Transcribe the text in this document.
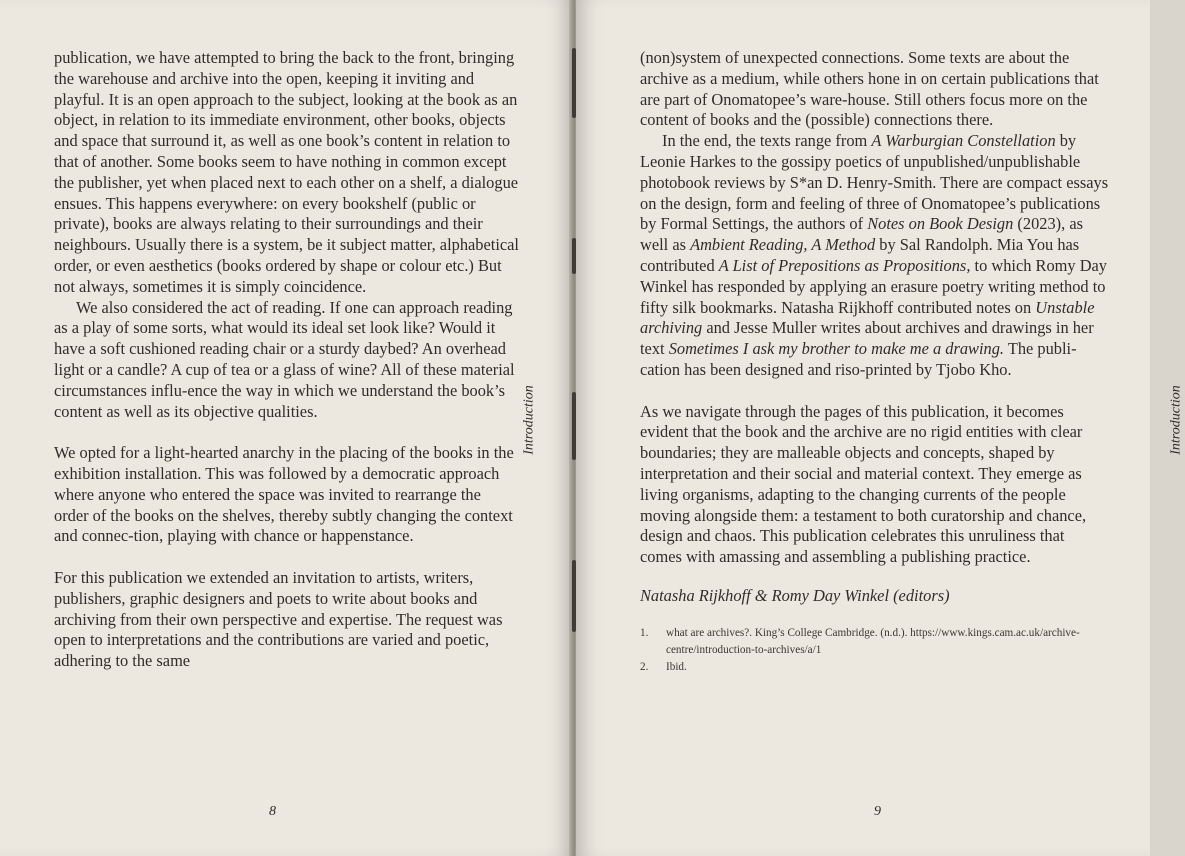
publication, we have attempted to bring the back to the front, bringing the warehouse and archive into the open, keeping it inviting and playful. It is an open approach to the subject, looking at the book as an object, in relation to its immediate environment, other books, objects and space that surround it, as well as one book’s content in relation to that of another. Some books seem to have nothing in common except the publisher, yet when placed next to each other on a shelf, a dialogue ensues. This happens everywhere: on every bookshelf (public or private), books are always relating to their surroundings and their neighbours. Usually there is a system, be it subject matter, alphabetical order, or even aesthetics (books ordered by shape or colour etc.) But not always, sometimes it is simply coincidence.

We also considered the act of reading. If one can approach reading as a play of some sorts, what would its ideal set look like? Would it have a soft cushioned reading chair or a sturdy daybed? An overhead light or a candle? A cup of tea or a glass of wine? All of these material circumstances influ-ence the way in which we understand the book’s content as well as its objective qualities.

We opted for a light-hearted anarchy in the placing of the books in the exhibition installation. This was followed by a democratic approach where anyone who entered the space was invited to rearrange the order of the books on the shelves, thereby subtly changing the context and connec-tion, playing with chance or happenstance.

For this publication we extended an invitation to artists, writers, publishers, graphic designers and poets to write about books and archiving from their own perspective and expertise. The request was open to interpretations and the contributions are varied and poetic, adhering to the same

Introduction
8

(non)system of unexpected connections. Some texts are about the archive as a medium, while others hone in on certain publications that are part of Onomatopee’s ware-house. Still others focus more on the content of books and the (possible) connections there.

In the end, the texts range from A Warburgian Constellation by Leonie Harkes to the gossipy poetics of unpublished/unpublishable photobook reviews by S*an D. Henry-Smith. There are compact essays on the design, form and feeling of three of Onomatopee’s publications by Formal Settings, the authors of Notes on Book Design (2023), as well as Ambient Reading, A Method by Sal Randolph. Mia You has contributed A List of Prepositions as Propositions, to which Romy Day Winkel has responded by applying an erasure poetry writing method to fifty silk bookmarks. Natasha Rijkhoff contributed notes on Unstable archiving and Jesse Muller writes about archives and drawings in her text Sometimes I ask my brother to make me a drawing. The publi-cation has been designed and riso-printed by Tjobo Kho.

As we navigate through the pages of this publication, it becomes evident that the book and the archive are no rigid entities with clear boundaries; they are malleable objects and concepts, shaped by interpretation and their social and material context. They emerge as living organisms, adapting to the changing currents of the people moving alongside them: a testament to both curatorship and chance, design and chaos. This publication celebrates this unruliness that comes with amassing and assembling a publishing practice.

Natasha Rijkhoff & Romy Day Winkel (editors)

1.	what are archives?. King’s College Cambridge. (n.d.). https://www.kings.cam.ac.uk/archive-centre/introduction-to-archives/a/1
2.	Ibid.
Introduction
9
